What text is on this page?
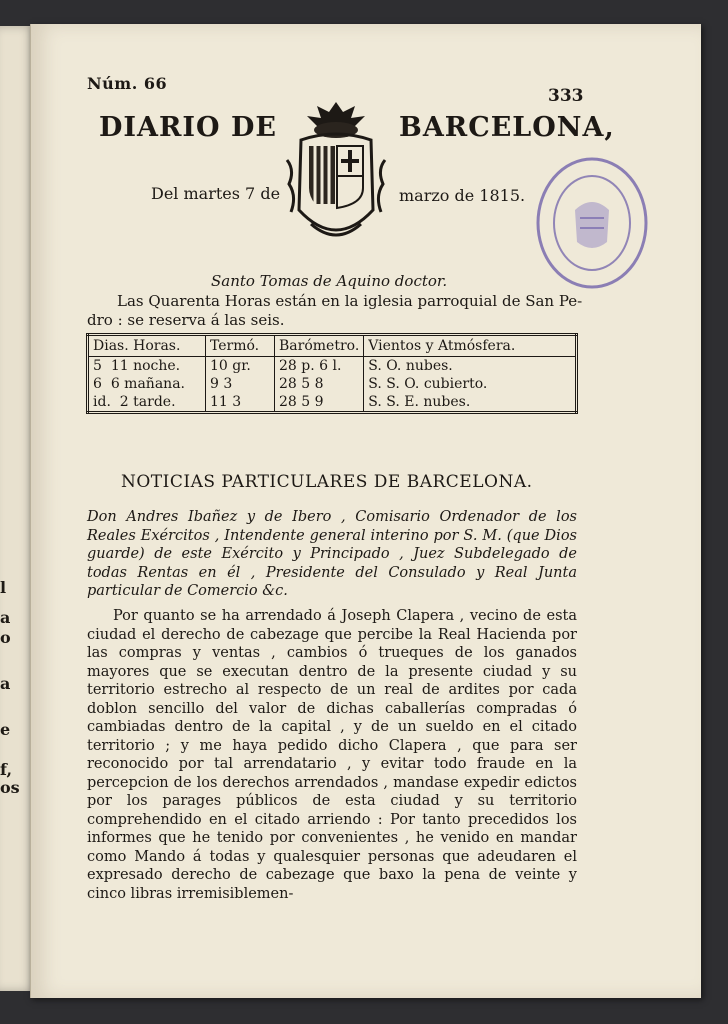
l
a
o
a
e
f,
os
Núm. 66
333
DIARIO DE	BARCELONA,
Del martes 7 de	marzo de 1815.
Santo Tomas de Aquino doctor.
Las Quarenta Horas están en la iglesia parroquial de San Pe-
dro : se reserva á las seis.
Dias. Horas.	Termó.	Barómetro.	Vientos y Atmósfera.
5 11 noche.	10 gr.	28 p. 6 l.	S. O. nubes.
6 6 mañana.	9 3	28 5 8	S. S. O. cubierto.
id. 2 tarde.	11 3	28 5 9	S. S. E. nubes.
NOTICIAS PARTICULARES DE BARCELONA.

Don Andres Ibañez y de Ibero , Comisario Ordenador de los Reales Exércitos , Intendente general interino por S. M. (que Dios guarde) de este Exército y Principado , Juez Subdelegado de todas Rentas en él , Presidente del Consulado y Real Junta particular de Comercio &c.

Por quanto se ha arrendado á Joseph Clapera , vecino de esta ciudad el derecho de cabezage que percibe la Real Hacienda por las compras y ventas , cambios ó trueques de los ganados mayores que se executan dentro de la presente ciudad y su territorio estrecho al respecto de un real de ardites por cada doblon sencillo del valor de dichas caballerías compradas ó cambiadas dentro de la capital , y de un sueldo en el citado territorio ; y me haya pedido dicho Clapera , que para ser reconocido por tal arrendatario , y evitar todo fraude en la percepcion de los derechos arrendados , mandase expedir edictos por los parages públicos de esta ciudad y su territorio comprehendido en el citado arriendo : Por tanto precedidos los informes que he tenido por convenientes , he venido en mandar como Mando á todas y qualesquier personas que adeudaren el expresado derecho de cabezage que baxo la pena de veinte y cinco libras irremisiblemen-
